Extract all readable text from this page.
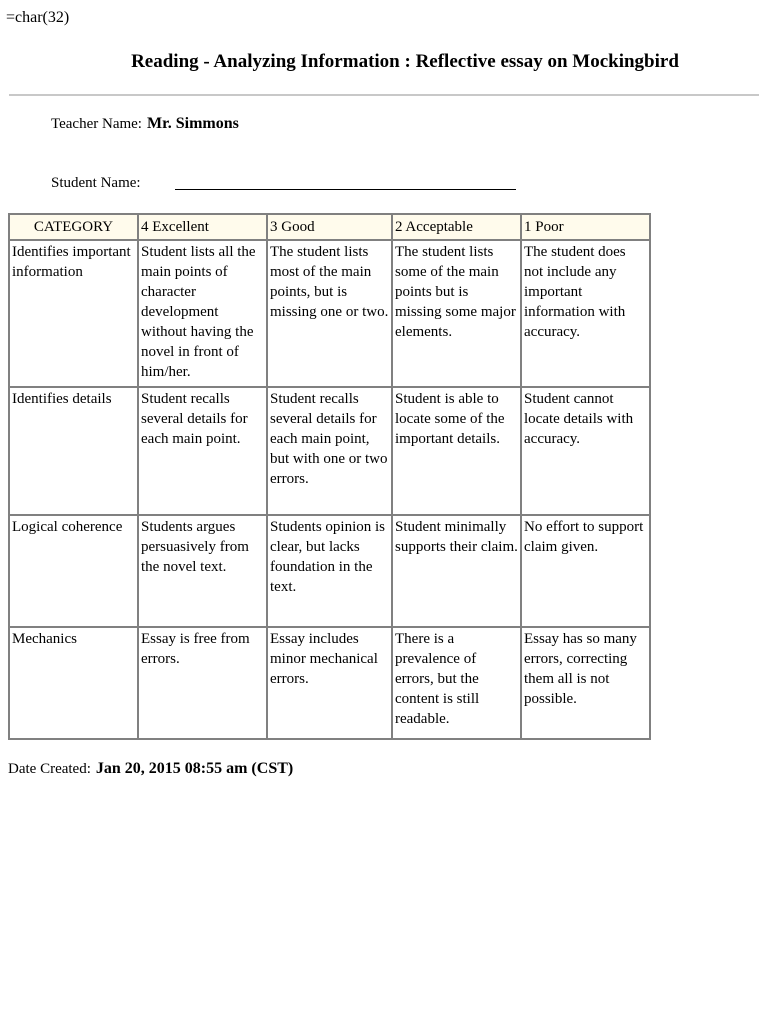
=char(32)
Reading - Analyzing Information : Reflective essay on Mockingbird
Teacher Name: Mr. Simmons
Student Name:
CATEGORY	4 Excellent	3 Good	2 Acceptable	1 Poor
Identifies important information	Student lists all the main points of character development without having the novel in front of him/her.	The student lists most of the main points, but is missing one or two.	The student lists some of the main points but is missing some major elements.	The student does not include any important information with accuracy.
Identifies details	Student recalls several details for each main point.	Student recalls several details for each main point, but with one or two errors.	Student is able to locate some of the important details.	Student cannot locate details with accuracy.
Logical coherence	Students argues persuasively from the novel text.	Students opinion is clear, but lacks foundation in the text.	Student minimally supports their claim.	No effort to support claim given.
Mechanics	Essay is free from errors.	Essay includes minor mechanical errors.	There is a prevalence of errors, but the content is still readable.	Essay has so many errors, correcting them all is not possible.
Date Created: Jan 20, 2015 08:55 am (CST)
